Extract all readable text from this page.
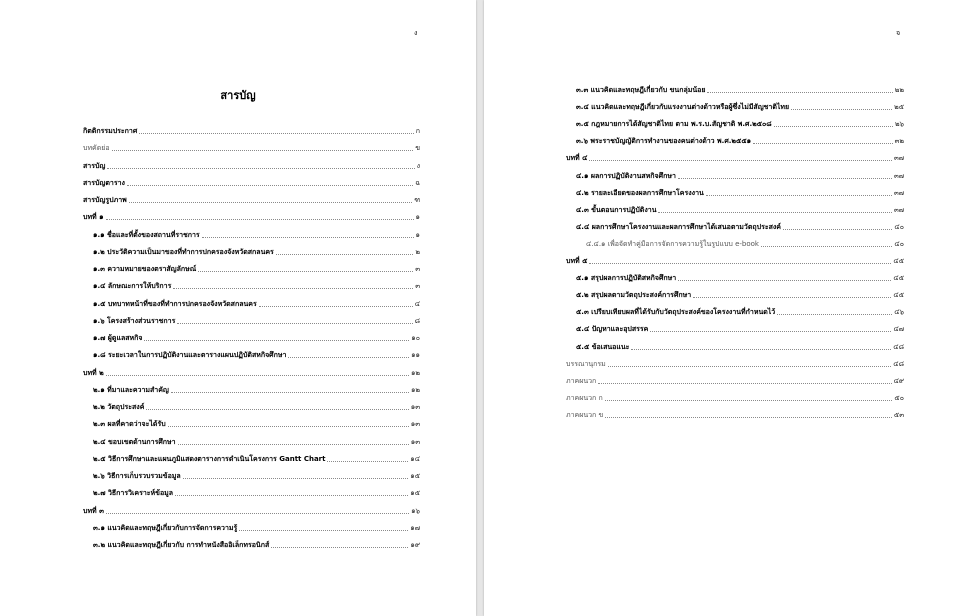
ง
สารบัญ
กิตติกรรมประกาศ	ก
บทคัดย่อ	ข
สารบัญ	ง
สารบัญตาราง	ฉ
สารบัญรูปภาพ	ฑ
บทที่ ๑	๑
๑.๑ ชื่อและที่ตั้งของสถานที่ราชการ	๑
๑.๒ ประวัติความเป็นมาของที่ทำการปกครองจังหวัดสกลนคร	๒
๑.๓ ความหมายของตราสัญลักษณ์	๓
๑.๔ ลักษณะการให้บริการ	๓
๑.๕ บทบาทหน้าที่ของที่ทำการปกครองจังหวัดสกลนคร	๔
๑.๖ โครงสร้างส่วนราชการ	๘
๑.๗ ผู้ดูแลสหกิจ	๑๐
๑.๘ ระยะเวลาในการปฏิบัติงานและตารางแผนปฏิบัติสหกิจศึกษา	๑๑
บทที่ ๒	๑๒
๒.๑ ที่มาและความสำคัญ	๑๒
๒.๒ วัตถุประสงค์	๑๓
๒.๓ ผลที่คาดว่าจะได้รับ	๑๓
๒.๔ ขอบเขตด้านการศึกษา	๑๓
๒.๕ วิธีการศึกษาและแผนภูมิแสดงตารางการดำเนินโครงการ Gantt Chart	๑๔
๒.๖ วิธีการเก็บรวบรวมข้อมูล	๑๕
๒.๗ วิธีการวิเคราะห์ข้อมูล	๑๕
บทที่ ๓	๑๖
๓.๑ แนวคิดและทฤษฎีเกี่ยวกับการจัดการความรู้	๑๗
๓.๒ แนวคิดและทฤษฎีเกี่ยวกับ การทำหนังสืออิเล็กทรอนิกส์	๑๙
จ
๓.๓ แนวคิดและทฤษฎีเกี่ยวกับ ขนกลุ่มน้อย	๒๒
๓.๔ แนวคิดและทฤษฎีเกี่ยวกับแรงงานต่างด้าวหรือผู้ซึ่งไม่มีสัญชาติไทย	๒๕
๓.๕ กฎหมายการได้สัญชาติไทย ตาม พ.ร.บ.สัญชาติ พ.ศ.๒๕๐๘	๒๖
๓.๖ พระราชบัญญัติการทำงานของคนต่างด้าว พ.ศ.๒๕๕๑	๓๒
บทที่ ๔	๓๗
๔.๑ ผลการปฏิบัติงานสหกิจศึกษา	๓๗
๔.๒ รายละเอียดของผลการศึกษาโครงงาน	๓๗
๔.๓ ขั้นตอนการปฏิบัติงาน	๓๗
๔.๔ ผลการศึกษาโครงงานและผลการศึกษาได้เสนอตามวัตถุประสงค์	๔๐
๔.๔.๑ เพื่อจัดทำคู่มือการจัดการความรู้ในรูปแบบ e-book	๔๐
บทที่ ๕	๔๕
๕.๑ สรุปผลการปฏิบัติสหกิจศึกษา	๔๕
๕.๒ สรุปผลตามวัตถุประสงค์การศึกษา	๔๕
๕.๓ เปรียบเทียบผลที่ได้รับกับวัตถุประสงค์ของโครงงานที่กำหนดไว้	๔๖
๕.๔ ปัญหาและอุปสรรค	๔๗
๕.๕ ข้อเสนอแนะ	๔๘
บรรณานุกรม	๔๘
ภาคผนวก	๔๙
ภาคผนวก ก	๕๐
ภาคผนวก ข	๕๓
